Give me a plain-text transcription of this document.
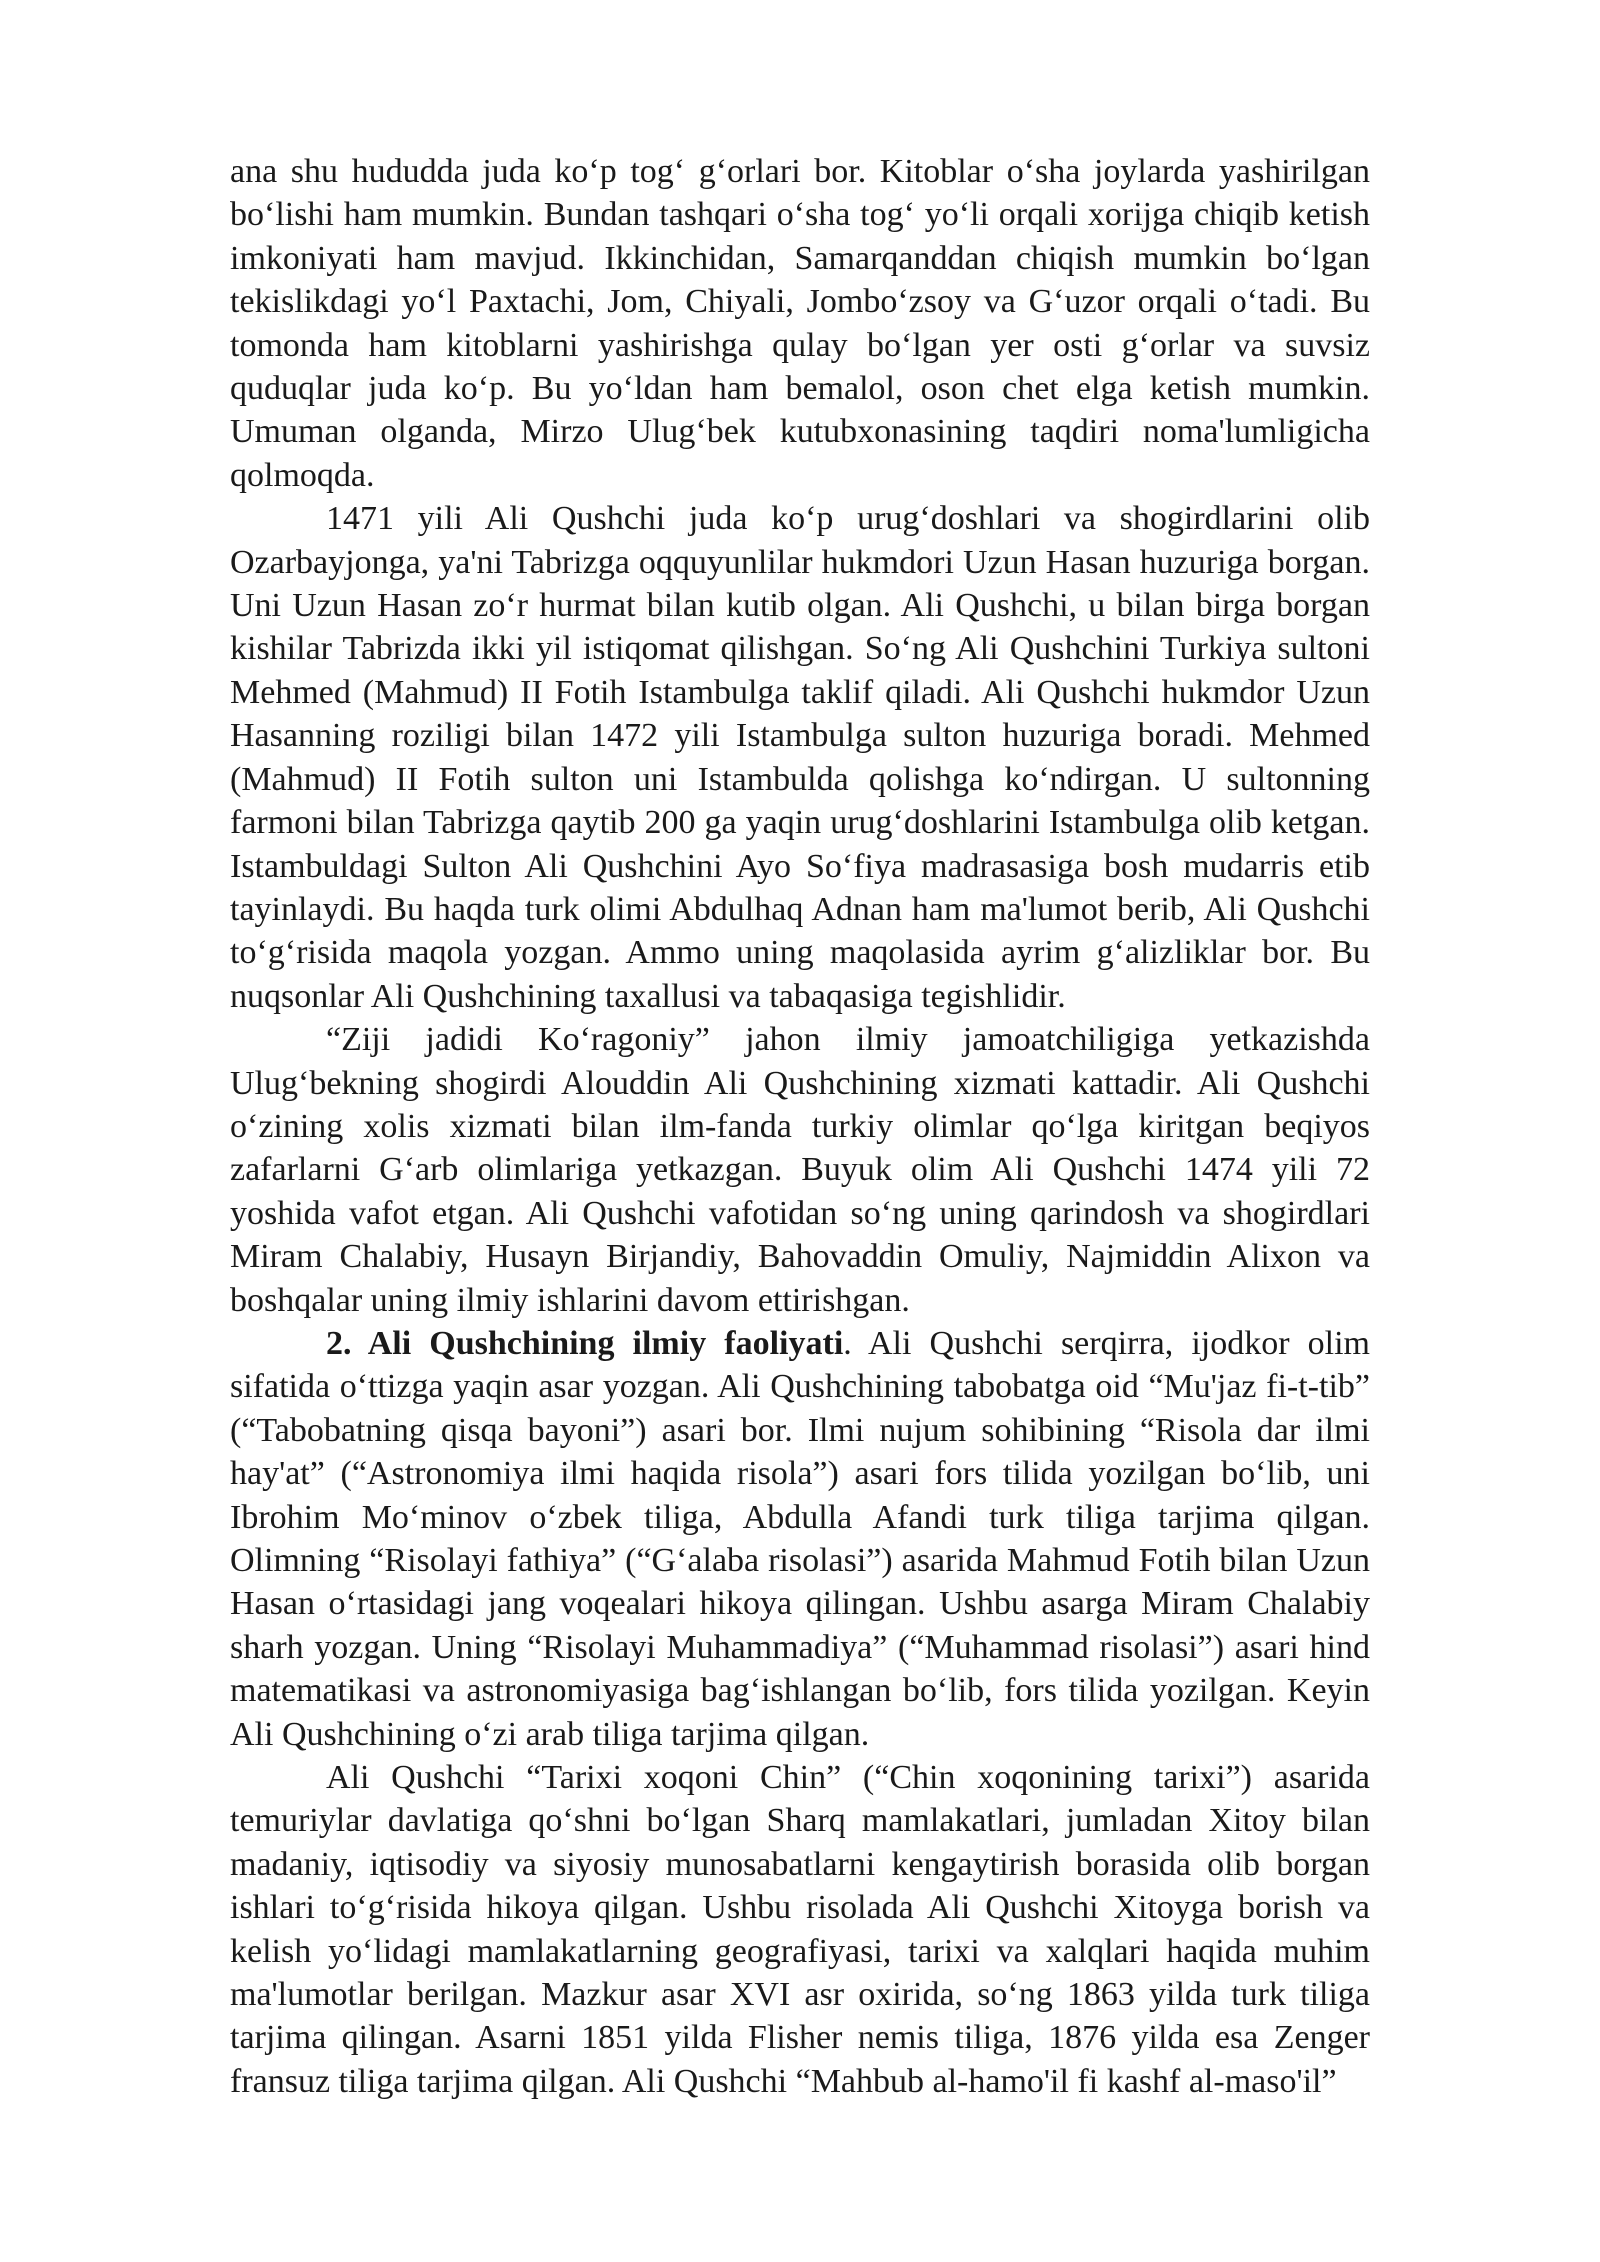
ana shu hududda juda ko‘p tog‘ g‘orlari bor. Kitoblar o‘sha joylarda yashirilgan bo‘lishi ham mumkin. Bundan tashqari o‘sha tog‘ yo‘li orqali xorijga chiqib ketish imkoniyati ham mavjud. Ikkinchidan, Samarqanddan chiqish mumkin bo‘lgan tekislikdagi yo‘l Paxtachi, Jom, Chiyali, Jombo‘zsoy va G‘uzor orqali o‘tadi. Bu tomonda ham kitoblarni yashirishga qulay bo‘lgan yer osti g‘orlar va suvsiz quduqlar juda ko‘p. Bu yo‘ldan ham bemalol, oson chet elga ketish mumkin. Umuman olganda, Mirzo Ulug‘bek kutubxonasining taqdiri noma'lumligicha qolmoqda.

1471 yili Ali Qushchi juda ko‘p urug‘doshlari va shogirdlarini olib Ozarbayjonga, ya'ni Tabrizga oqquyunlilar hukmdori Uzun Hasan huzuriga borgan. Uni Uzun Hasan zo‘r hurmat bilan kutib olgan. Ali Qushchi, u bilan birga borgan kishilar Tabrizda ikki yil istiqomat qilishgan. So‘ng Ali Qushchini Turkiya sultoni Mehmed (Mahmud) II Fotih Istambulga taklif qiladi. Ali Qushchi hukmdor Uzun Hasanning roziligi bilan 1472 yili Istambulga sulton huzuriga boradi. Mehmed (Mahmud) II Fotih sulton uni Istambulda qolishga ko‘ndirgan. U sultonning farmoni bilan Tabrizga qaytib 200 ga yaqin urug‘doshlarini Istambulga olib ketgan. Istambuldagi Sulton Ali Qushchini Ayo So‘fiya madrasasiga bosh mudarris etib tayinlaydi. Bu haqda turk olimi Abdulhaq Adnan ham ma'lumot berib, Ali Qushchi to‘g‘risida maqola yozgan. Ammo uning maqolasida ayrim g‘alizliklar bor. Bu nuqsonlar Ali Qushchining taxallusi va tabaqasiga tegishlidir.

“Ziji jadidi Ko‘ragoniy” jahon ilmiy jamoatchiligiga yetkazishda Ulug‘bekning shogirdi Alouddin Ali Qushchining xizmati kattadir. Ali Qushchi o‘zining xolis xizmati bilan ilm-fanda turkiy olimlar qo‘lga kiritgan beqiyos zafarlarni G‘arb olimlariga yetkazgan. Buyuk olim Ali Qushchi 1474 yili 72 yoshida vafot etgan. Ali Qushchi vafotidan so‘ng uning qarindosh va shogirdlari Miram Chalabiy, Husayn Birjandiy, Bahovaddin Omuliy, Najmiddin Alixon va boshqalar uning ilmiy ishlarini davom ettirishgan.

2. Ali Qushchining ilmiy faoliyati. Ali Qushchi serqirra, ijodkor olim sifatida o‘ttizga yaqin asar yozgan. Ali Qushchining tabobatga oid “Mu'jaz fi-t-tib” (“Tabobatning qisqa bayoni”) asari bor. Ilmi nujum sohibining “Risola dar ilmi hay'at” (“Astronomiya ilmi haqida risola”) asari fors tilida yozilgan bo‘lib, uni Ibrohim Mo‘minov o‘zbek tiliga, Abdulla Afandi turk tiliga tarjima qilgan. Olimning “Risolayi fathiya” (“G‘alaba risolasi”) asarida Mahmud Fotih bilan Uzun Hasan o‘rtasidagi jang voqealari hikoya qilingan. Ushbu asarga Miram Chalabiy sharh yozgan. Uning “Risolayi Muhammadiya” (“Muhammad risolasi”) asari hind matematikasi va astronomiyasiga bag‘ishlangan bo‘lib, fors tilida yozilgan. Keyin Ali Qushchining o‘zi arab tiliga tarjima qilgan.

Ali Qushchi “Tarixi xoqoni Chin” (“Chin xoqonining tarixi”) asarida temuriylar davlatiga qo‘shni bo‘lgan Sharq mamlakatlari, jumladan Xitoy bilan madaniy, iqtisodiy va siyosiy munosabatlarni kengaytirish borasida olib borgan ishlari to‘g‘risida hikoya qilgan. Ushbu risolada Ali Qushchi Xitoyga borish va kelish yo‘lidagi mamlakatlarning geografiyasi, tarixi va xalqlari haqida muhim ma'lumotlar berilgan. Mazkur asar XVI asr oxirida, so‘ng 1863 yilda turk tiliga tarjima qilingan. Asarni 1851 yilda Flisher nemis tiliga, 1876 yilda esa Zenger fransuz tiliga tarjima qilgan. Ali Qushchi “Mahbub al-hamo'il fi kashf al-maso'il”
